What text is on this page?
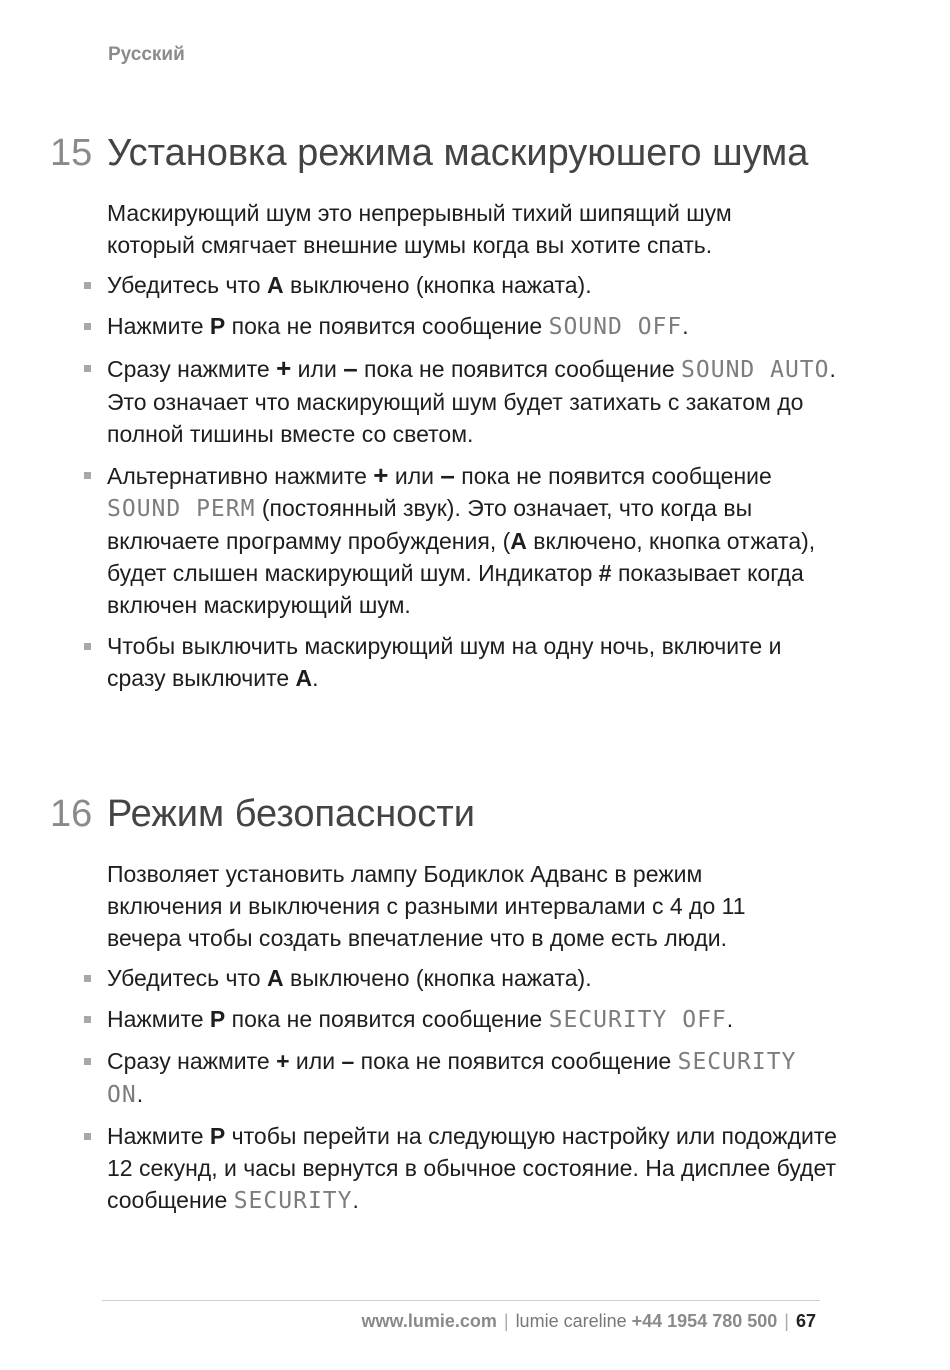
Русский
15 Установка режима маскируюшего шума

Маскирующий шум это непрерывный тихий шипящий шум который смягчает внешние шумы когда вы хотите спать.

Убедитесь что A выключено (кнопка нажата).
Нажмите P пока не появится сообщение SOUND OFF.
Сразу нажмите + или – пока не появится сообщение SOUND AUTO. Это означает что маскирующий шум будет затихать с закатом до полной тишины вместе со светом.
Альтернативно нажмите + или – пока не появится сообщение SOUND PERM (постоянный звук). Это означает, что когда вы включаете программу пробуждения, (A включено, кнопка отжата), будет слышен маскирующий шум. Индикатор # показывает когда включен маскирующий шум.
Чтобы выключить маскирующий шум на одну ночь, включите и сразу выключите A.
16 Режим безопасности

Позволяет установить лампу Бодиклок Адванс в режим включения и выключения с разными интервалами с 4 до 11 вечера чтобы создать впечатление что в доме есть люди.

Убедитесь что A выключено (кнопка нажата).
Нажмите P пока не появится сообщение SECURITY OFF.
Сразу нажмите + или – пока не появится сообщение SECURITY ON.
Нажмите P чтобы перейти на следующую настройку или подождите 12 секунд, и часы вернутся в обычное состояние. На дисплее будет сообщение SECURITY.
www.lumie.com | lumie careline +44 1954 780 500 | 67
